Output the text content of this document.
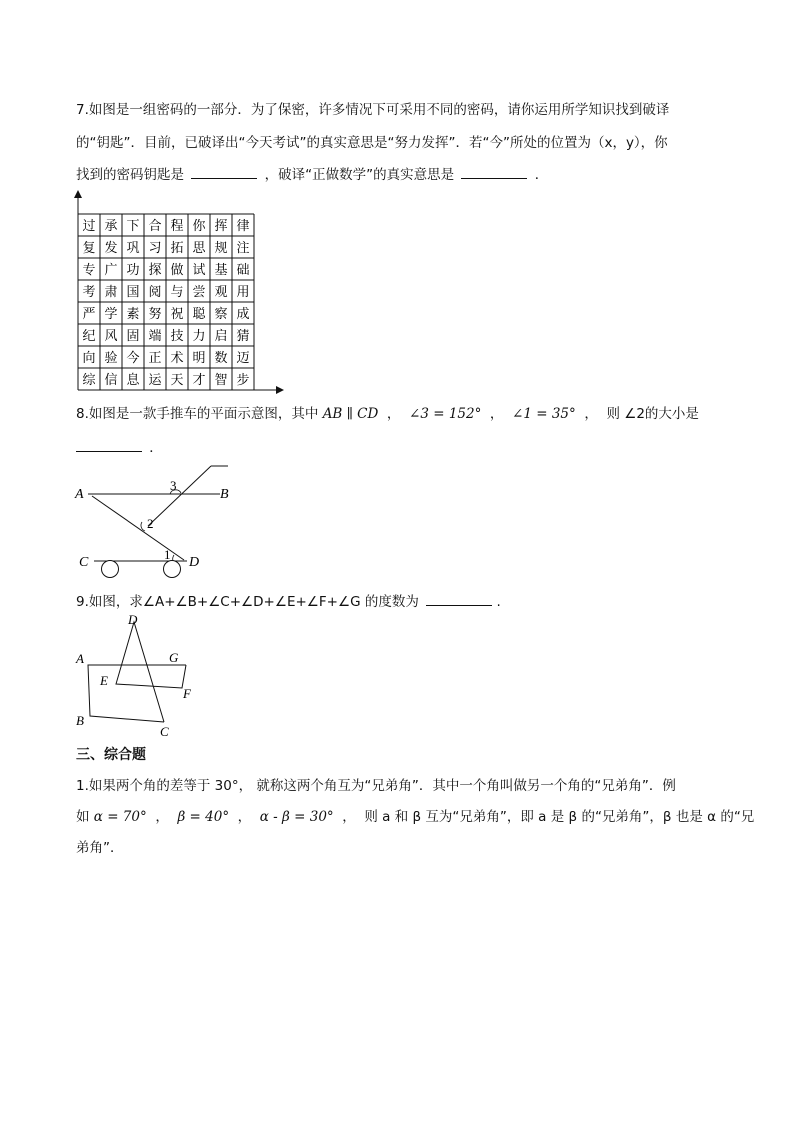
7.如图是一组密码的一部分．为了保密，许多情况下可采用不同的密码，请你运用所学知识找到破译
的“钥匙”．目前，已破译出“今天考试”的真实意思是“努力发挥”．若“今”所处的位置为（x，y），你
找到的密码钥匙是	，破译“正做数学”的真实意思是	．
过 承 下 合 程 你 挥 律
复 发 巩 习 拓 思 规 注
专 广 功 探 做 试 基 础
考 肃 国 阅 与 尝 观 用
严 学 素 努 祝 聪 察 成
纪 风 固 端 技 力 启 猜
向 验 今 正 术 明 数 迈
综 信 息 运 天 才 智 步
8.如图是一款手推车的平面示意图，其中 AB ∥ CD  ，  ∠3 = 152°  ，  ∠1 = 35°  ，  则 ∠2的大小是
．
A	B
C	D
1
2
3
9.如图，求∠A+∠B+∠C+∠D+∠E+∠F+∠G 的度数为	.
A
B
C
D
E
F
G
三、综合题
1.如果两个角的差等于 30°， 就称这两个角互为“兄弟角”．其中一个角叫做另一个角的“兄弟角”．例
如 α = 70°  ，  β = 40°  ，  α - β = 30°  ，  则 a 和 β 互为“兄弟角”，即 a 是 β 的“兄弟角”，β 也是 α 的“兄
弟角”．
